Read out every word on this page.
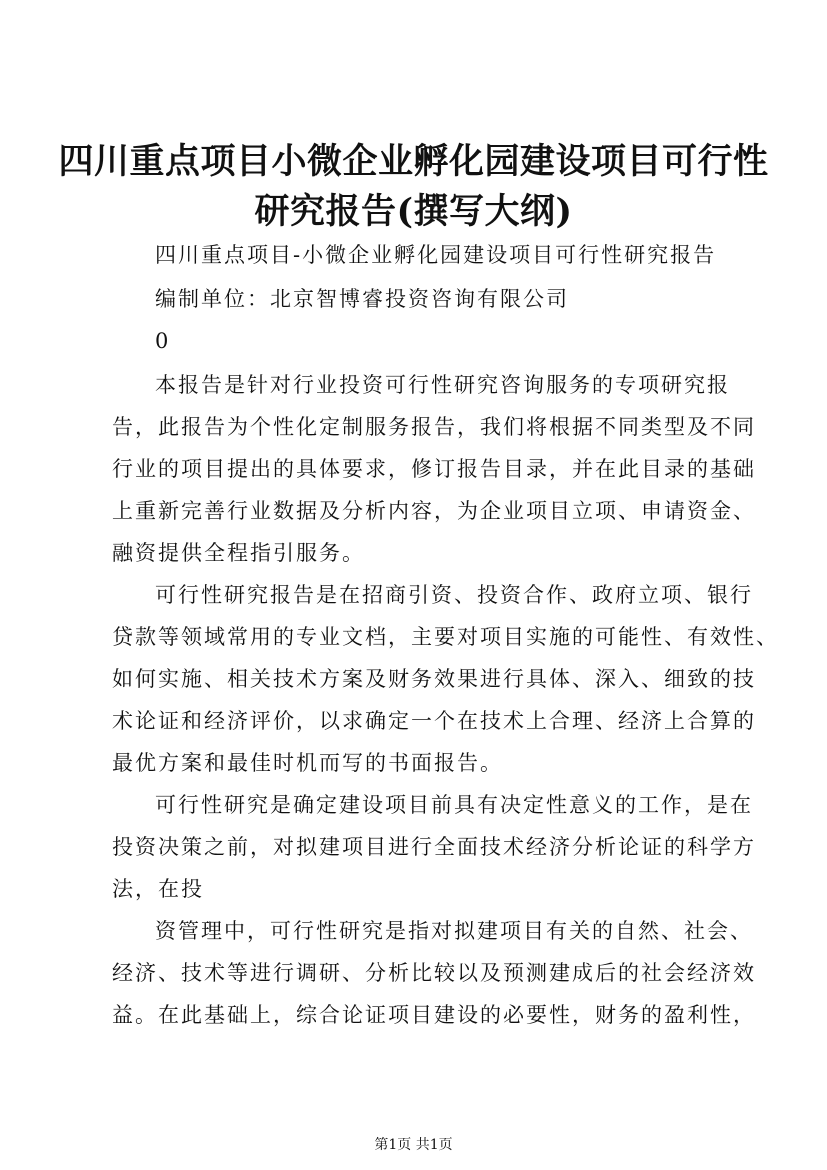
四川重点项目小微企业孵化园建设项目可行性
研究报告(撰写大纲)
四川重点项目-小微企业孵化园建设项目可行性研究报告
编制单位：北京智博睿投资咨询有限公司
0
本报告是针对行业投资可行性研究咨询服务的专项研究报
告，此报告为个性化定制服务报告，我们将根据不同类型及不同
行业的项目提出的具体要求，修订报告目录，并在此目录的基础
上重新完善行业数据及分析内容，为企业项目立项、申请资金、
融资提供全程指引服务。
可行性研究报告是在招商引资、投资合作、政府立项、银行
贷款等领域常用的专业文档，主要对项目实施的可能性、有效性、
如何实施、相关技术方案及财务效果进行具体、深入、细致的技
术论证和经济评价，以求确定一个在技术上合理、经济上合算的
最优方案和最佳时机而写的书面报告。
可行性研究是确定建设项目前具有决定性意义的工作，是在
投资决策之前，对拟建项目进行全面技术经济分析论证的科学方
法，在投
资管理中，可行性研究是指对拟建项目有关的自然、社会、
经济、技术等进行调研、分析比较以及预测建成后的社会经济效
益。在此基础上，综合论证项目建设的必要性，财务的盈利性，
第1页 共1页
